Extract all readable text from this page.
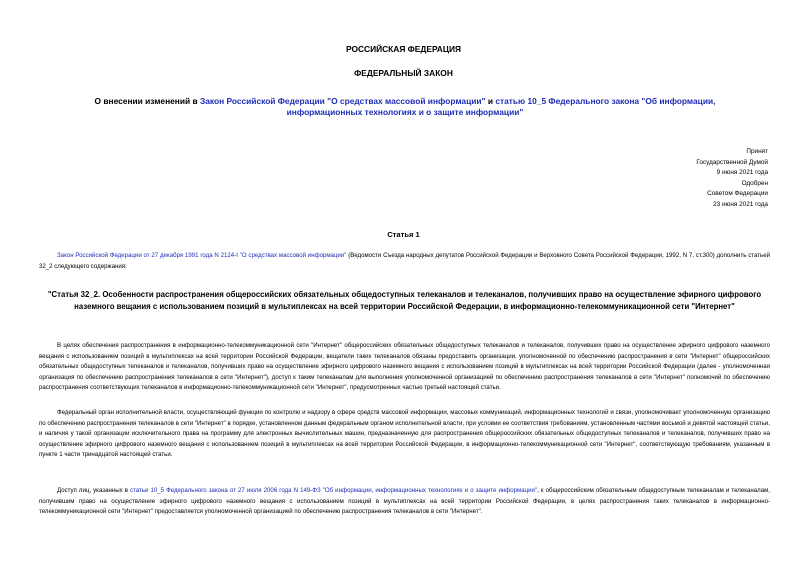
РОССИЙСКАЯ ФЕДЕРАЦИЯ
ФЕДЕРАЛЬНЫЙ ЗАКОН
О внесении изменений в Закон Российской Федерации "О средствах массовой информации" и статью 10_5 Федерального закона "Об информации, информационных технологиях и о защите информации"
Принят
Государственной Думой
9 июня 2021 года
Одобрен
Советом Федерации
23 июня 2021 года
Статья 1
Закон Российской Федерации от 27 декабря 1991 года N 2124-I "О средствах массовой информации" (Ведомости Съезда народных депутатов Российской Федерации и Верховного Совета Российской Федерации, 1992, N 7, ст.300) дополнить статьей 32_2 следующего содержания:
"Статья 32_2. Особенности распространения общероссийских обязательных общедоступных телеканалов и телеканалов, получивших право на осуществление эфирного цифрового наземного вещания с использованием позиций в мультиплексах на всей территории Российской Федерации, в информационно-телекоммуникационной сети "Интернет"
В целях обеспечения распространения в информационно-телекоммуникационной сети "Интернет" общероссийских обязательных общедоступных телеканалов и телеканалов, получивших право на осуществление эфирного цифрового наземного вещания с использованием позиций в мультиплексах на всей территории Российской Федерации, вещатели таких телеканалов обязаны предоставить организации, уполномоченной по обеспечению распространения в сети "Интернет" общероссийских обязательных общедоступных телеканалов и телеканалов, получивших право на осуществление эфирного цифрового наземного вещания с использованием позиций в мультиплексах на всей территории Российской Федерации (далее - уполномоченная организация по обеспечению распространения телеканалов в сети "Интернет"), доступ к таким телеканалам для выполнения уполномоченной организацией по обеспечению распространения телеканалов в сети "Интернет" полномочий по обеспечению распространения соответствующих телеканалов в информационно-телекоммуникационной сети "Интернет", предусмотренных частью третьей настоящей статьи.
Федеральный орган исполнительной власти, осуществляющий функции по контролю и надзору в сфере средств массовой информации, массовых коммуникаций, информационных технологий и связи, уполномочивает уполномоченную организацию по обеспечению распространения телеканалов в сети "Интернет" в порядке, установленном данным федеральным органом исполнительной власти, при условии ее соответствия требованиям, установленным частями восьмой и девятой настоящей статьи, и наличия у такой организации исключительного права на программу для электронных вычислительных машин, предназначенную для распространения общероссийских обязательных общедоступных телеканалов и телеканалов, получивших право на осуществление эфирного цифрового наземного вещания с использованием позиций в мультиплексах на всей территории Российской Федерации, в информационно-телекоммуникационной сети "Интернет", соответствующую требованиям, указанным в пункте 1 части тринадцатой настоящей статьи.
Доступ лиц, указанных в статье 10_5 Федерального закона от 27 июля 2006 года N 149-ФЗ "Об информации, информационных технологиях и о защите информации", к общероссийским обязательным общедоступным телеканалам и телеканалам, получившим право на осуществление эфирного цифрового наземного вещания с использованием позиций в мультиплексах на всей территории Российской Федерации, в целях распространения таких телеканалов в информационно-телекоммуникационной сети "Интернет" предоставляется уполномоченной организацией по обеспечению распространения телеканалов в сети "Интернет".
